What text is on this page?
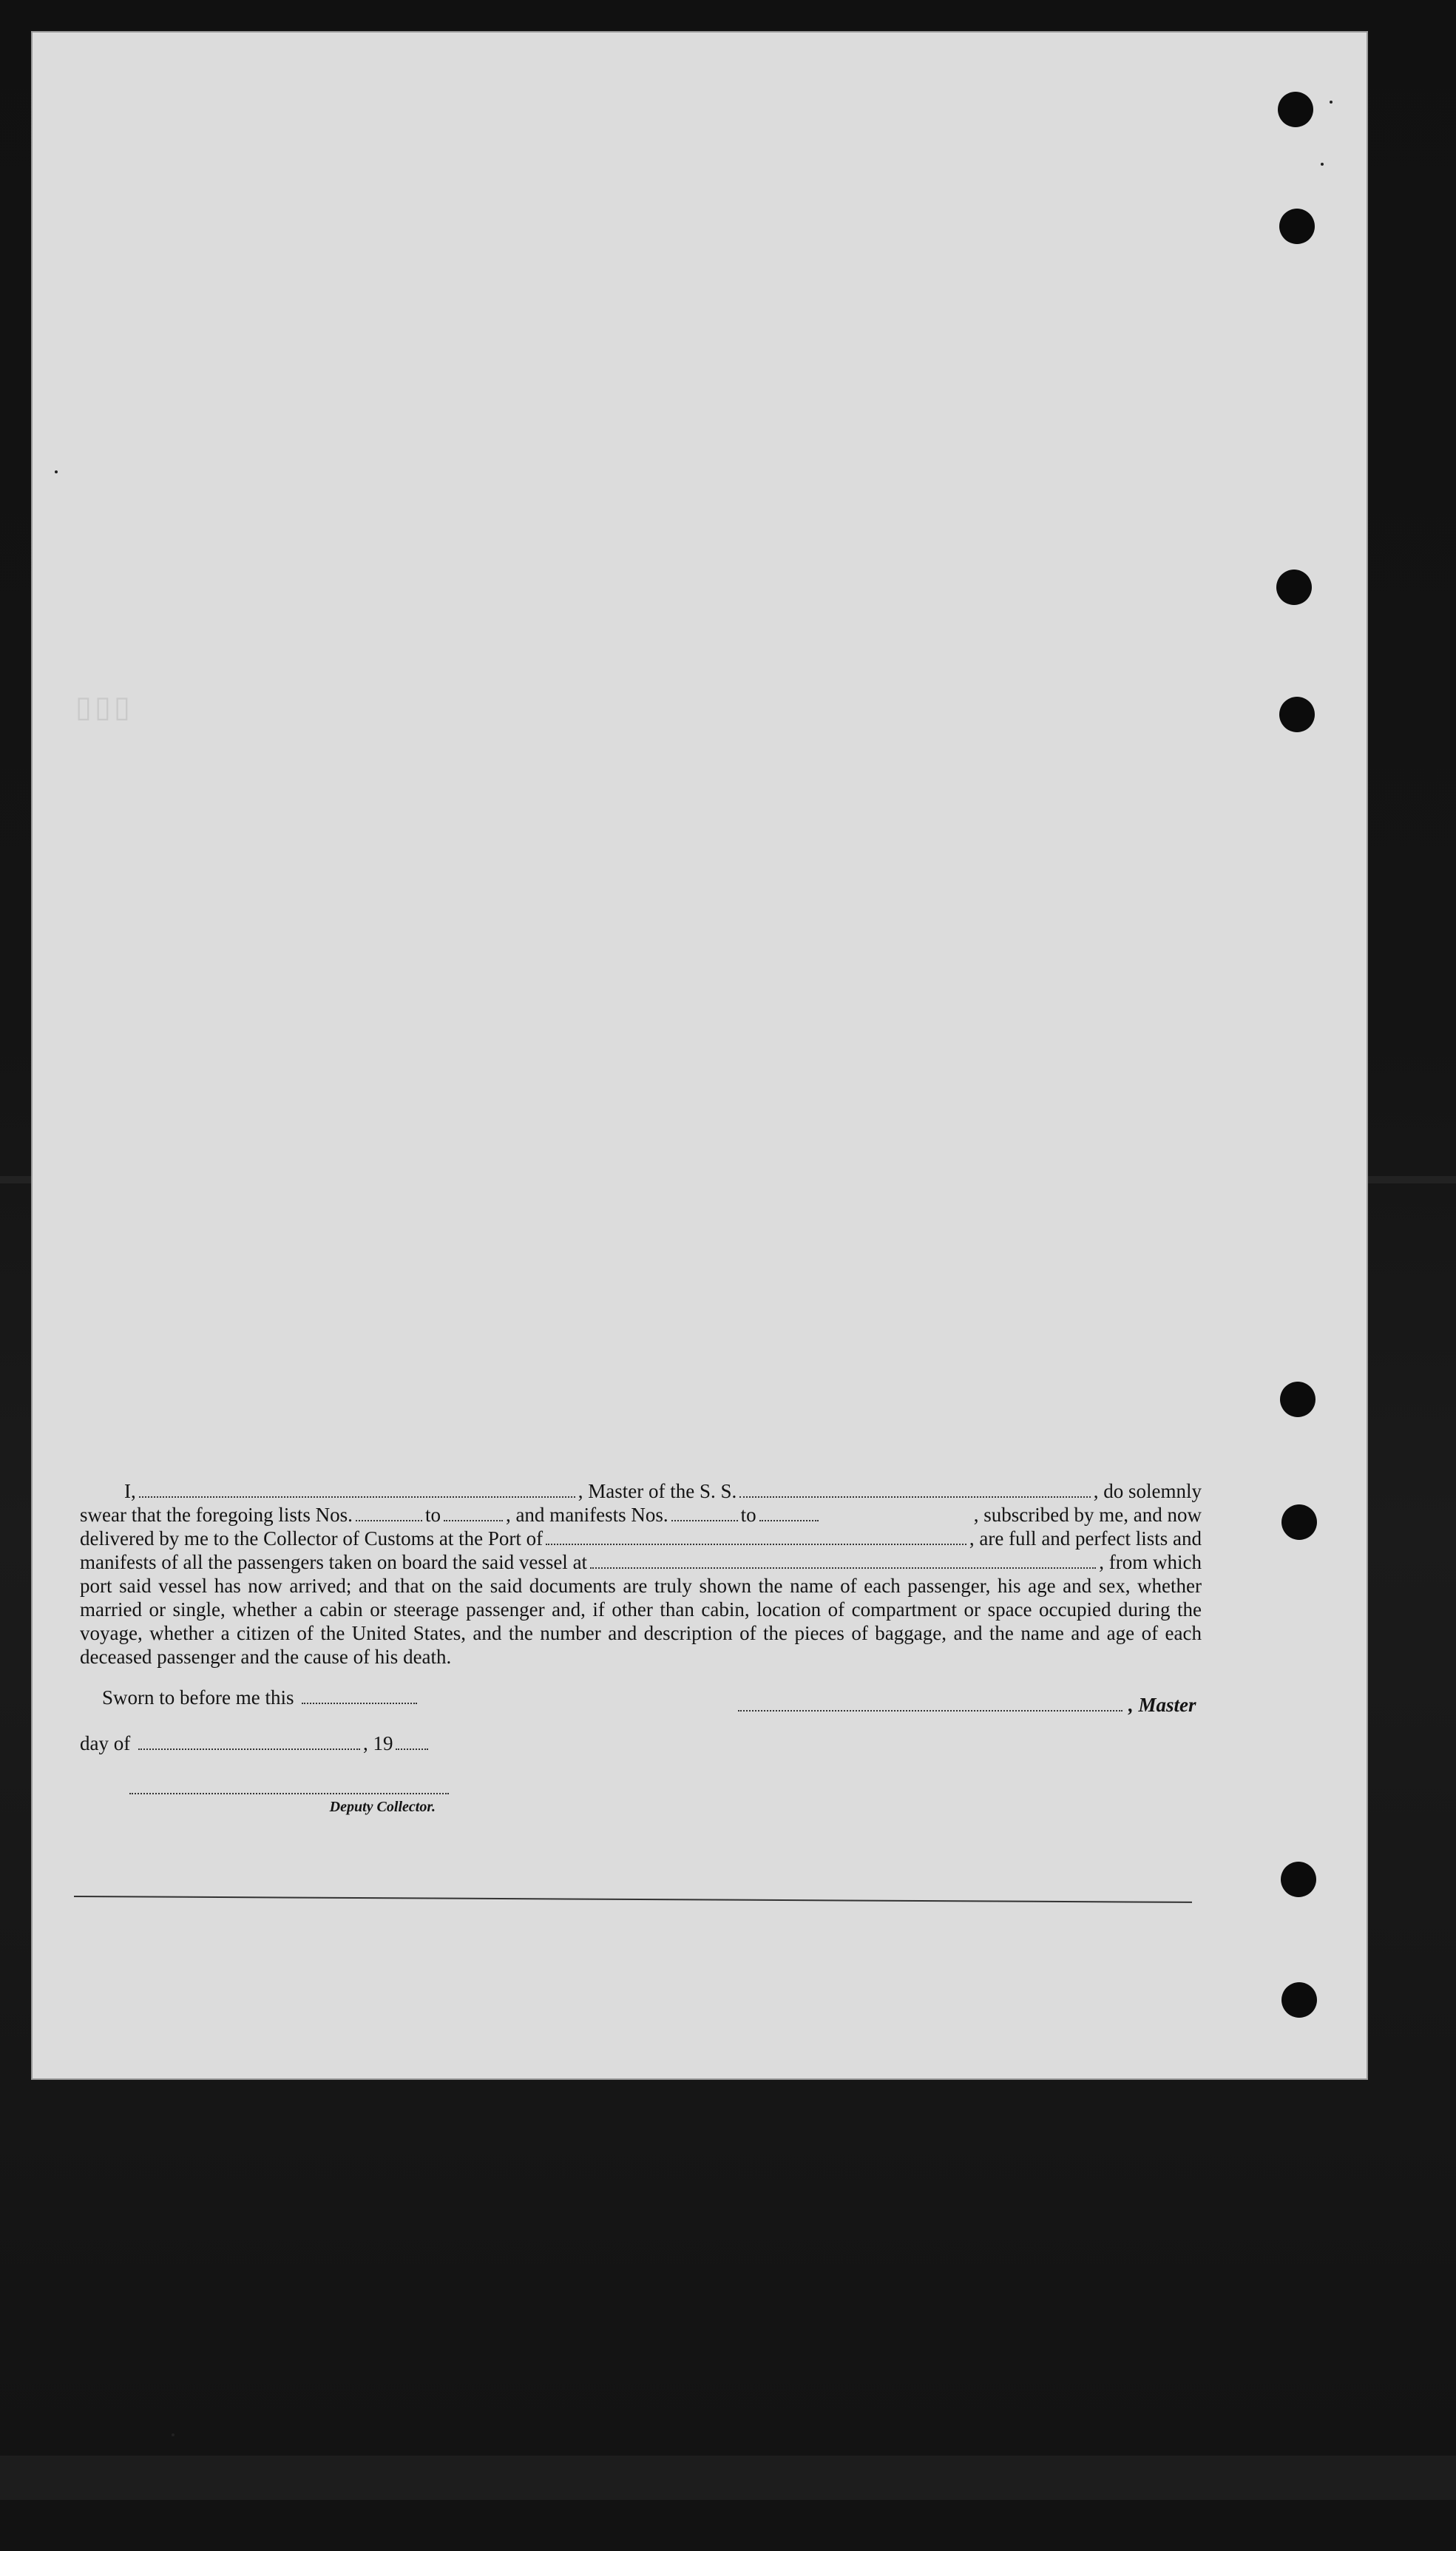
▯▯▯
I,	, Master of the S. S.	, do solemnly
swear that the foregoing lists Nos.	to	, and manifests Nos.	to	, subscribed by me, and now
delivered by me to the Collector of Customs at the Port of	, are full and perfect lists and
manifests of all the passengers taken on board the said vessel at	, from which
port said vessel has now arrived; and that on the said documents are truly shown the name of each passenger, his age and sex, whether married or single, whether a cabin or steerage passenger and, if other than cabin, location of compartment or space occupied during the voyage, whether a citizen of the United States, and the number and description of the pieces of baggage, and the name and age of each deceased passenger and the cause of his death.
Sworn to before me this	, Master
day of	, 19
Deputy Collector.
